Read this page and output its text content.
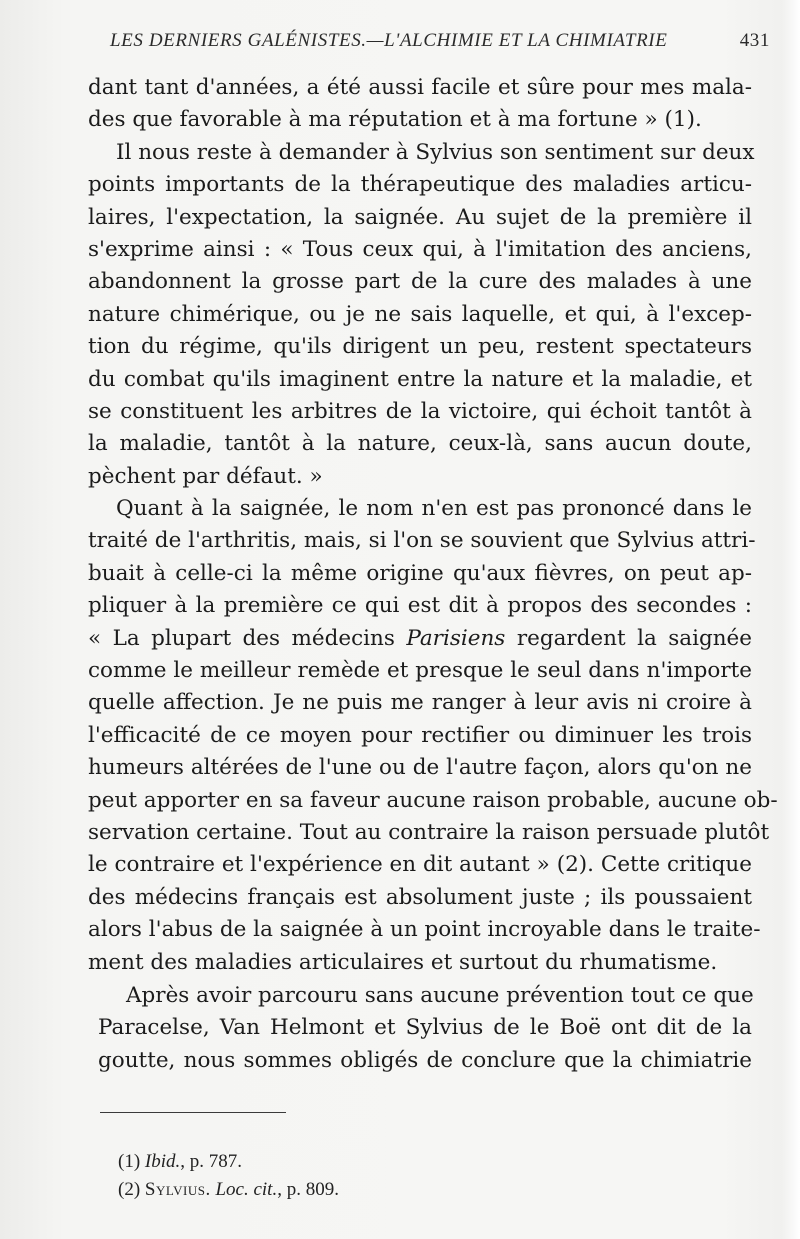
LES DERNIERS GALÉNISTES.—L'ALCHIMIE ET LA CHIMIATRIE	431
dant tant d'années, a été aussi facile et sûre pour mes mala-
des que favorable à ma réputation et à ma fortune » (1).
Il nous reste à demander à Sylvius son sentiment sur deux
points importants de la thérapeutique des maladies articu-
laires, l'expectation, la saignée. Au sujet de la première il
s'exprime ainsi : « Tous ceux qui, à l'imitation des anciens,
abandonnent la grosse part de la cure des malades à une
nature chimérique, ou je ne sais laquelle, et qui, à l'excep-
tion du régime, qu'ils dirigent un peu, restent spectateurs
du combat qu'ils imaginent entre la nature et la maladie, et
se constituent les arbitres de la victoire, qui échoit tantôt à
la maladie, tantôt à la nature, ceux-là, sans aucun doute,
pèchent par défaut. »
Quant à la saignée, le nom n'en est pas prononcé dans le
traité de l'arthritis, mais, si l'on se souvient que Sylvius attri-
buait à celle-ci la même origine qu'aux fièvres, on peut ap-
pliquer à la première ce qui est dit à propos des secondes :
« La plupart des médecins Parisiens regardent la saignée
comme le meilleur remède et presque le seul dans n'importe
quelle affection. Je ne puis me ranger à leur avis ni croire à
l'efficacité de ce moyen pour rectifier ou diminuer les trois
humeurs altérées de l'une ou de l'autre façon, alors qu'on ne
peut apporter en sa faveur aucune raison probable, aucune ob-
servation certaine. Tout au contraire la raison persuade plutôt
le contraire et l'expérience en dit autant » (2). Cette critique
des médecins français est absolument juste ; ils poussaient
alors l'abus de la saignée à un point incroyable dans le traite-
ment des maladies articulaires et surtout du rhumatisme.
Après avoir parcouru sans aucune prévention tout ce que
Paracelse, Van Helmont et Sylvius de le Boë ont dit de la
goutte, nous sommes obligés de conclure que la chimiatrie
(1) Ibid., p. 787.
(2) Sylvius. Loc. cit., p. 809.
